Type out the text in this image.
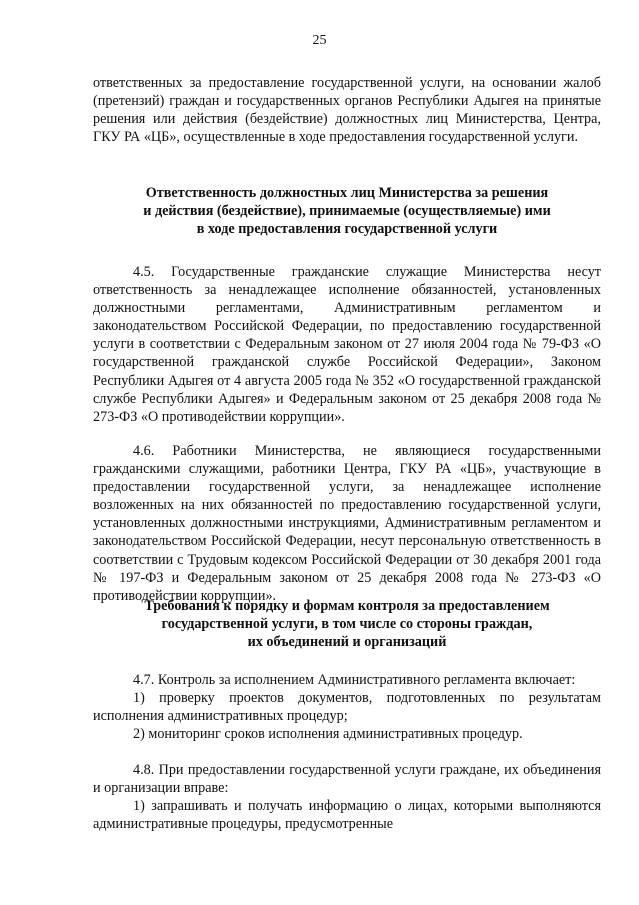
25

ответственных за предоставление государственной услуги, на основании жалоб (претензий) граждан и государственных органов Республики Адыгея на принятые решения или действия (бездействие) должностных лиц Министерства, Центра, ГКУ РА «ЦБ», осуществленные в ходе предоставления государственной услуги.

Ответственность должностных лиц Министерства за решения

и действия (бездействие), принимаемые (осуществляемые) ими

в ходе предоставления государственной услуги

4.5. Государственные гражданские служащие Министерства несут ответственность за ненадлежащее исполнение обязанностей, установленных должностными регламентами, Административным регламентом и законодательством Российской Федерации, по предоставлению государственной услуги в соответствии с Федеральным законом от 27 июля 2004 года № 79-ФЗ «О государственной гражданской службе Российской Федерации», Законом Республики Адыгея от 4 августа 2005 года № 352 «О государственной гражданской службе Республики Адыгея» и Федеральным законом от 25 декабря 2008 года № 273-ФЗ «О противодействии коррупции».

4.6. Работники Министерства, не являющиеся государственными гражданскими служащими, работники Центра, ГКУ РА «ЦБ», участвующие в предоставлении государственной услуги, за ненадлежащее исполнение возложенных на них обязанностей по предоставлению государственной услуги, установленных должностными инструкциями, Административным регламентом и законодательством Российской Федерации, несут персональную ответственность в соответствии с Трудовым кодексом Российской Федерации от 30 декабря 2001 года № 197-ФЗ и Федеральным законом от 25 декабря 2008 года № 273-ФЗ «О противодействии коррупции».

Требования к порядку и формам контроля за предоставлением

государственной услуги, в том числе со стороны граждан,

их объединений и организаций

4.7. Контроль за исполнением Административного регламента включает:

1) проверку проектов документов, подготовленных по результатам исполнения административных процедур;

2) мониторинг сроков исполнения административных процедур.

4.8. При предоставлении государственной услуги граждане, их объединения и организации вправе:

1) запрашивать и получать информацию о лицах, которыми выполняются административные процедуры, предусмотренные
